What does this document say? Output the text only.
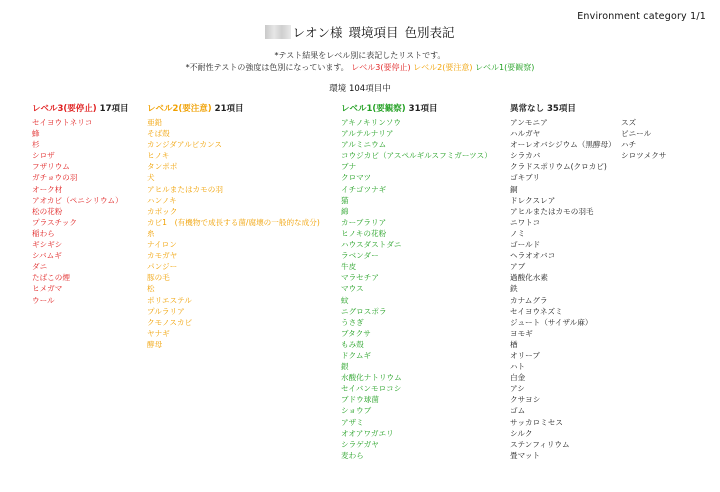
Environment category 1/1
レオン様 環境項目 色別表記
*テスト結果をレベル別に表記したリストです。
*不耐性テストの強度は色別になっています。 レベル3(要停止) レベル2(要注意) レベル1(要観察)
環境 104項目中
レベル3(要停止) 17項目
セイヨウトネリコ
蜂
杉
シロザ
フザリウム
ガチョウの羽
オーク材
アオカビ（ペニシリウム）
松の花粉
プラスチック
稲わら
ギシギシ
シバムギ
ダニ
たばこの煙
ヒメガマ
ウール
レベル2(要注意) 21項目
亜鉛
そば殻
カンジダアルビカンス
ヒノキ
タンポポ
犬
アヒルまたはカモの羽
ハンノキ
カポック
カビ1　(有機物で成長する菌/腐壊の一般的な成分)
糸
ナイロン
カモガヤ
パンジー
豚の毛
松
ポリエステル
プルラリア
クモノスカビ
ヤナギ
酵母
レベル1(要観察) 31項目
アキノキリンソウ
アルテルナリア
アルミニウム
コウジカビ（アスペルギルスフミガーツス）
ブナ
クロマツ
イチゴツナギ
猫
綿
カーブラリア
ヒノキの花粉
ハウスダストダニ
ラベンダー
牛皮
マラセチア
マウス
蚊
ニグロスポラ
うさぎ
ブタクサ
もみ殻
ドクムギ
銀
水酸化ナトリウム
セイバンモロコシ
ブドウ球菌
ショウブ
アザミ
オオアワガエリ
シラゲガヤ
麦わら
異常なし 35項目
アンモニア
ハルガヤ
オーレオバシジウム（黒酵母）
シラカバ
クラドスポリウム(クロカビ)
ゴキブリ
銅
ドレクスレア
アヒルまたはカモの羽毛
ニワトコ
ノミ
ゴールド
ヘラオオバコ
アブ
過酸化水素
鉄
カナムグラ
セイヨウネズミ
ジュート（サイザル麻）
ヨモギ
楢
オリーブ
ハト
白金
アシ
クサヨシ
ゴム
サッカロミセス
シルク
ステンフィリウム
畳マット
スズ
ビニール
ハチ
シロツメクサ
